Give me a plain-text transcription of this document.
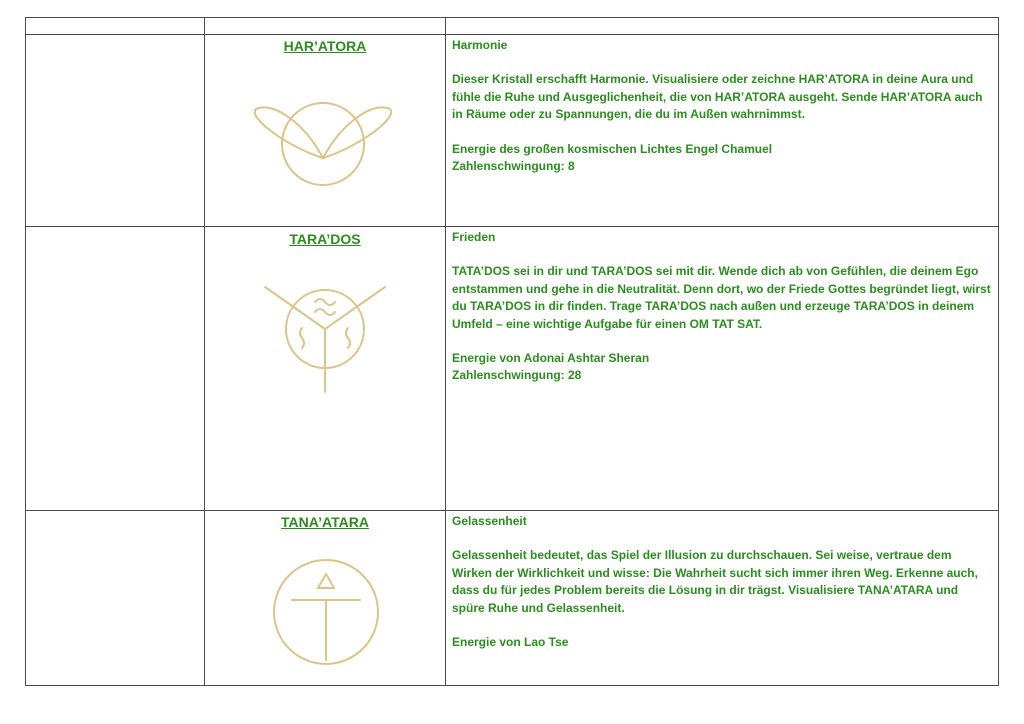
HAR’ATORA	Harmonie

Dieser Kristall erschafft Harmonie. Visualisiere oder zeichne HAR’ATORA in deine Aura und fühle die Ruhe und Ausgeglichenheit, die von HAR’ATORA ausgeht. Sende HAR’ATORA auch in Räume oder zu Spannungen, die du im Außen wahrnimmst.

Energie des großen kosmischen Lichtes Engel Chamuel

Zahlenschwingung: 8

TARA’DOS	Frieden

TATA’DOS sei in dir und TARA’DOS sei mit dir. Wende dich ab von Gefühlen, die deinem Ego entstammen und gehe in die Neutralität. Denn dort, wo der Friede Gottes begründet liegt, wirst du TARA’DOS in dir finden. Trage TARA’DOS nach außen und erzeuge TARA’DOS in deinem Umfeld – eine wichtige Aufgabe für einen OM TAT SAT.

Energie von Adonai Ashtar Sheran

Zahlenschwingung: 28

TANA’ATARA	Gelassenheit

Gelassenheit bedeutet, das Spiel der Illusion zu durchschauen. Sei weise, vertraue dem Wirken der Wirklichkeit und wisse: Die Wahrheit sucht sich immer ihren Weg. Erkenne auch, dass du für jedes Problem bereits die Lösung in dir trägst. Visualisiere TANA’ATARA und spüre Ruhe und Gelassenheit.

Energie von Lao Tse
